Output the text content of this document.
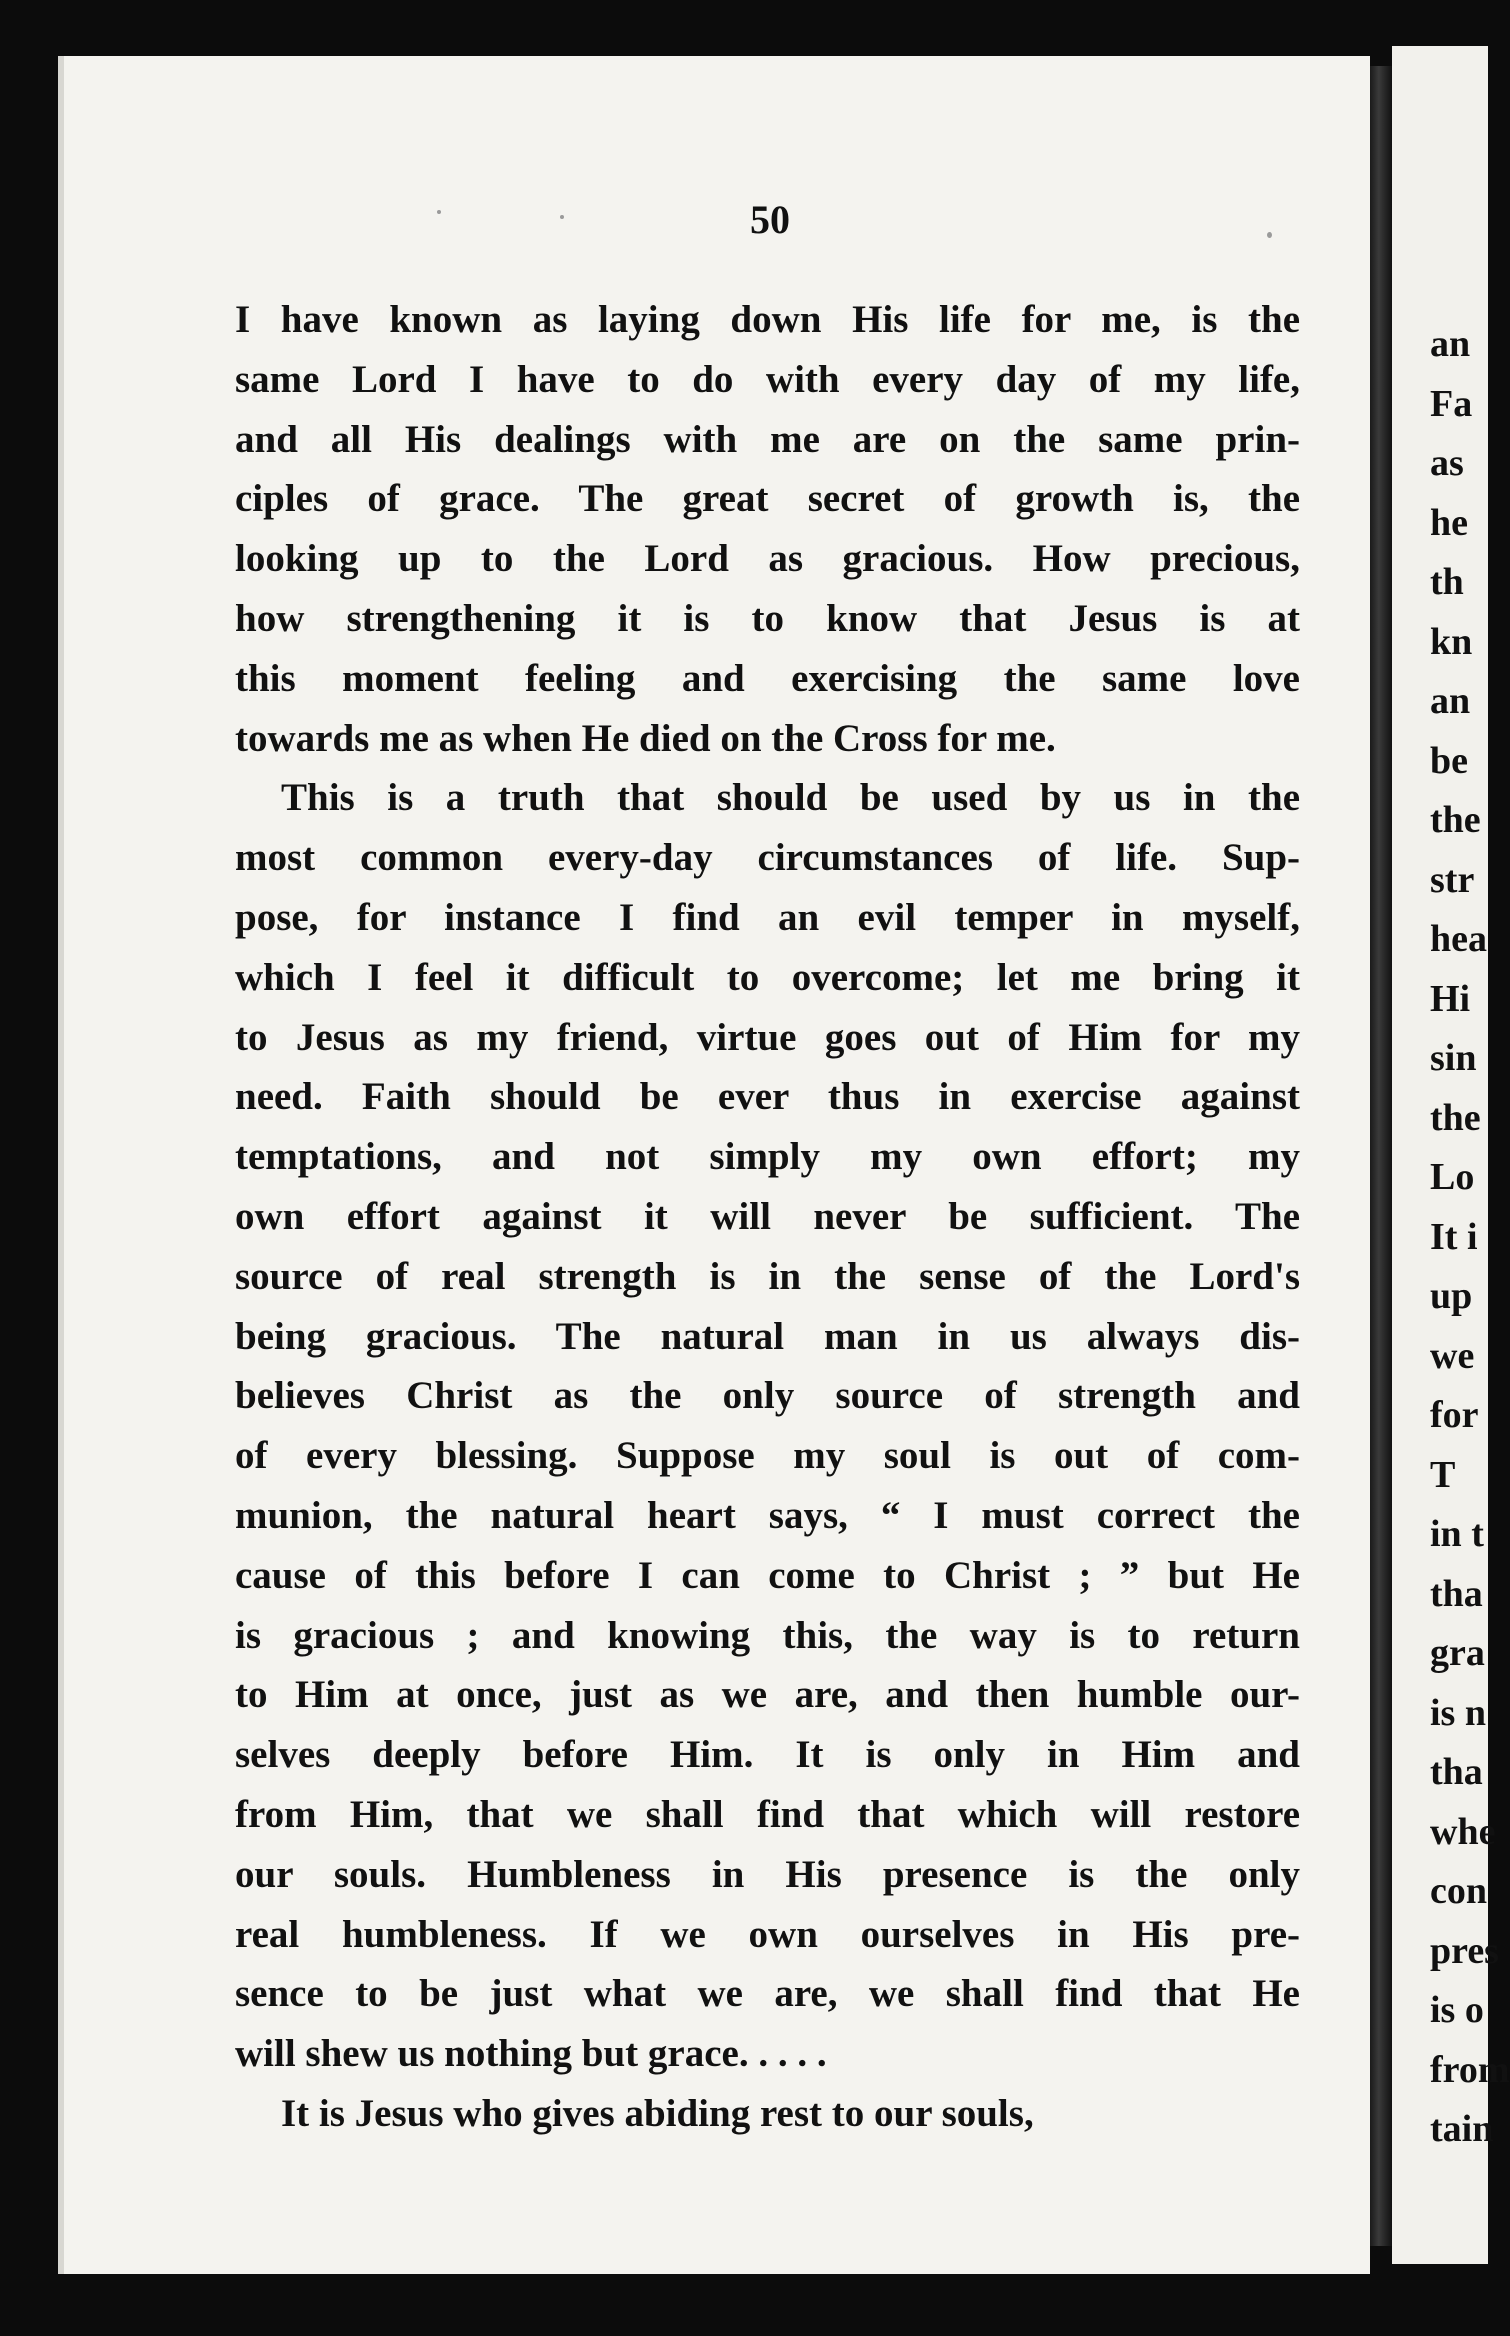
50
I have known as laying down His life for me, is the
same Lord I have to do with every day of my life,
and all His dealings with me are on the same prin-
ciples of grace. The great secret of growth is, the
looking up to the Lord as gracious. How precious,
how strengthening it is to know that Jesus is at
this moment feeling and exercising the same love
towards me as when He died on the Cross for me.
This is a truth that should be used by us in the
most common every-day circumstances of life. Sup-
pose, for instance I find an evil temper in myself,
which I feel it difficult to overcome; let me bring it
to Jesus as my friend, virtue goes out of Him for my
need. Faith should be ever thus in exercise against
temptations, and not simply my own effort; my
own effort against it will never be sufficient. The
source of real strength is in the sense of the Lord's
being gracious. The natural man in us always dis-
believes Christ as the only source of strength and
of every blessing. Suppose my soul is out of com-
munion, the natural heart says, “ I must correct the
cause of this before I can come to Christ ; ” but He
is gracious ; and knowing this, the way is to return
to Him at once, just as we are, and then humble our-
selves deeply before Him. It is only in Him and
from Him, that we shall find that which will restore
our souls. Humbleness in His presence is the only
real humbleness. If we own ourselves in His pre-
sence to be just what we are, we shall find that He
will shew us nothing but grace. . . . .
It is Jesus who gives abiding rest to our souls,
an
Fa
as
he
th
kn
an
be
the
str
hea
Hi
sin
the
Lo
It i
up
we
for
T
in t
tha
gra
is n
tha
whe
con
pres
is o
from
tain
